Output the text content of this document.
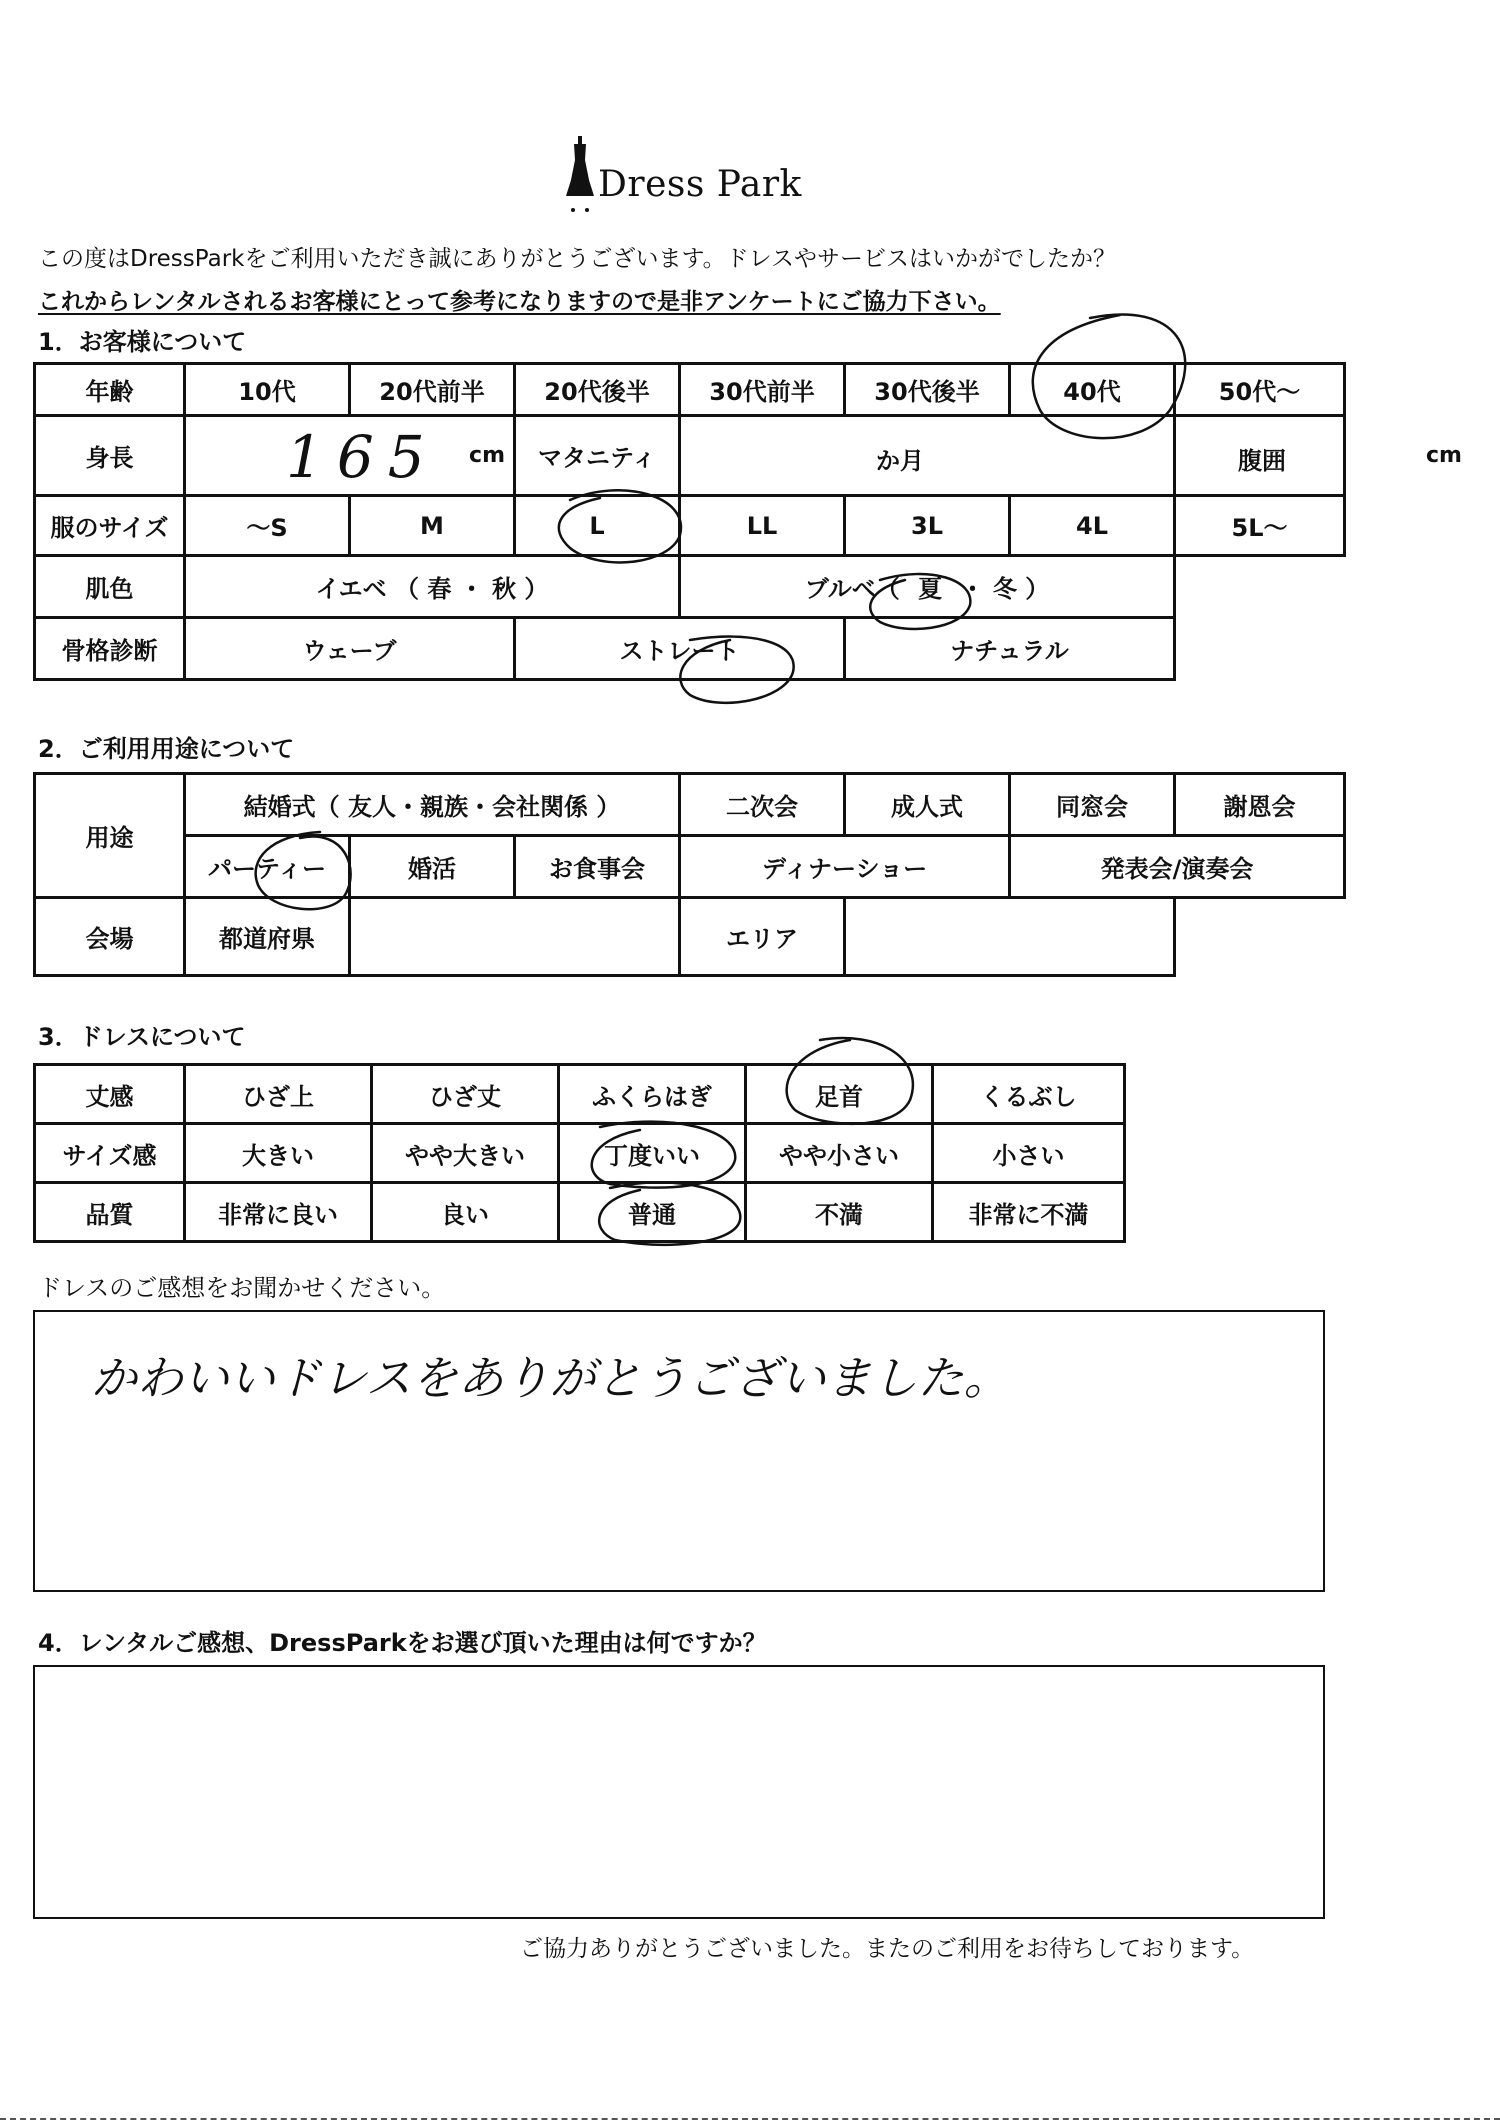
Dress Park
この度はDressParkをご利用いただき誠にありがとうございます。ドレスやサービスはいかがでしたか？
これからレンタルされるお客様にとって参考になりますので是非アンケートにご協力下さい。
1．お客様について
年齢	10代	20代前半	20代後半	30代前半	30代後半	40代	50代～
身長	165 cm		マタニティ	か月			腹囲 cm

服のサイズ	～S	M	L	LL	3L	4L	5L～
肌色	イエベ （ 春 ・ 秋 ）			ブルベ（ 夏 ・ 冬 ）			
骨格診断	ウェーブ		ストレート		ナチュラル		
2．ご利用用途について
用途	結婚式（ 友人・親族・会社関係 ）			二次会	成人式	同窓会	謝恩会
	パーティー	婚活	お食事会	ディナーショー		発表会/演奏会	
会場	都道府県			エリア			
3．ドレスについて
丈感	ひざ上	ひざ丈	ふくらはぎ	足首	くるぶし
サイズ感	大きい	やや大きい	丁度いい	やや小さい	小さい
品質	非常に良い	良い	普通	不満	非常に不満
ドレスのご感想をお聞かせください。
かわいいドレスをありがとうございました。
4．レンタルご感想、DressParkをお選び頂いた理由は何ですか？
ご協力ありがとうございました。またのご利用をお待ちしております。
